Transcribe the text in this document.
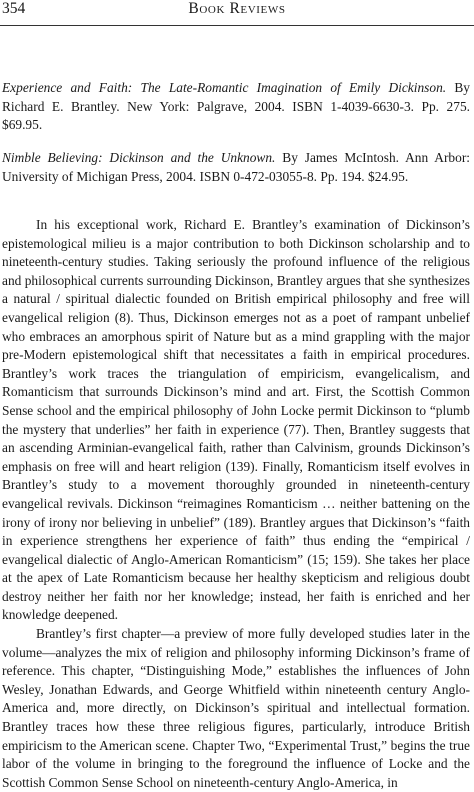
354	Book Reviews
Experience and Faith: The Late-Romantic Imagination of Emily Dickinson. By Richard E. Brantley. New York: Palgrave, 2004. ISBN 1-4039-6630-3. Pp. 275. $69.95.
Nimble Believing: Dickinson and the Unknown. By James McIntosh. Ann Arbor: University of Michigan Press, 2004. ISBN 0-472-03055-8. Pp. 194. $24.95.

In his exceptional work, Richard E. Brantley’s examination of Dickinson’s epistemological milieu is a major contribution to both Dickinson scholarship and to nineteenth-century studies. Taking seriously the profound influence of the religious and philosophical currents surrounding Dickinson, Brantley argues that she synthesizes a natural / spiritual dialectic founded on British empirical philosophy and free will evangelical religion (8). Thus, Dickinson emerges not as a poet of rampant unbelief who embraces an amorphous spirit of Nature but as a mind grappling with the major pre-Modern epistemological shift that necessitates a faith in empirical procedures. Brantley’s work traces the triangulation of empiricism, evangelicalism, and Romanticism that surrounds Dickinson’s mind and art. First, the Scottish Common Sense school and the empirical philosophy of John Locke permit Dickinson to “plumb the mystery that underlies” her faith in experience (77). Then, Brantley suggests that an ascending Arminian-evangelical faith, rather than Calvinism, grounds Dickinson’s emphasis on free will and heart religion (139). Finally, Romanticism itself evolves in Brantley’s study to a movement thoroughly grounded in nineteenth-century evangelical revivals. Dickinson “reimagines Romanticism … neither battening on the irony of irony nor believing in unbelief” (189). Brantley argues that Dickinson’s “faith in experience strengthens her experience of faith” thus ending the “empirical / evangelical dialectic of Anglo-American Romanticism” (15; 159). She takes her place at the apex of Late Romanticism because her healthy skepticism and religious doubt destroy neither her faith nor her knowledge; instead, her faith is enriched and her knowledge deepened.

Brantley’s first chapter—a preview of more fully developed studies later in the volume—analyzes the mix of religion and philosophy informing Dickinson’s frame of reference. This chapter, “Distinguishing Mode,” establishes the influences of John Wesley, Jonathan Edwards, and George Whitfield within nineteenth century Anglo-America and, more directly, on Dickinson’s spiritual and intellectual formation. Brantley traces how these three religious figures, particularly, introduce British empiricism to the American scene. Chapter Two, “Experimental Trust,” begins the true labor of the volume in bringing to the foreground the influence of Locke and the Scottish Common Sense School on nineteenth-century Anglo-America, in
